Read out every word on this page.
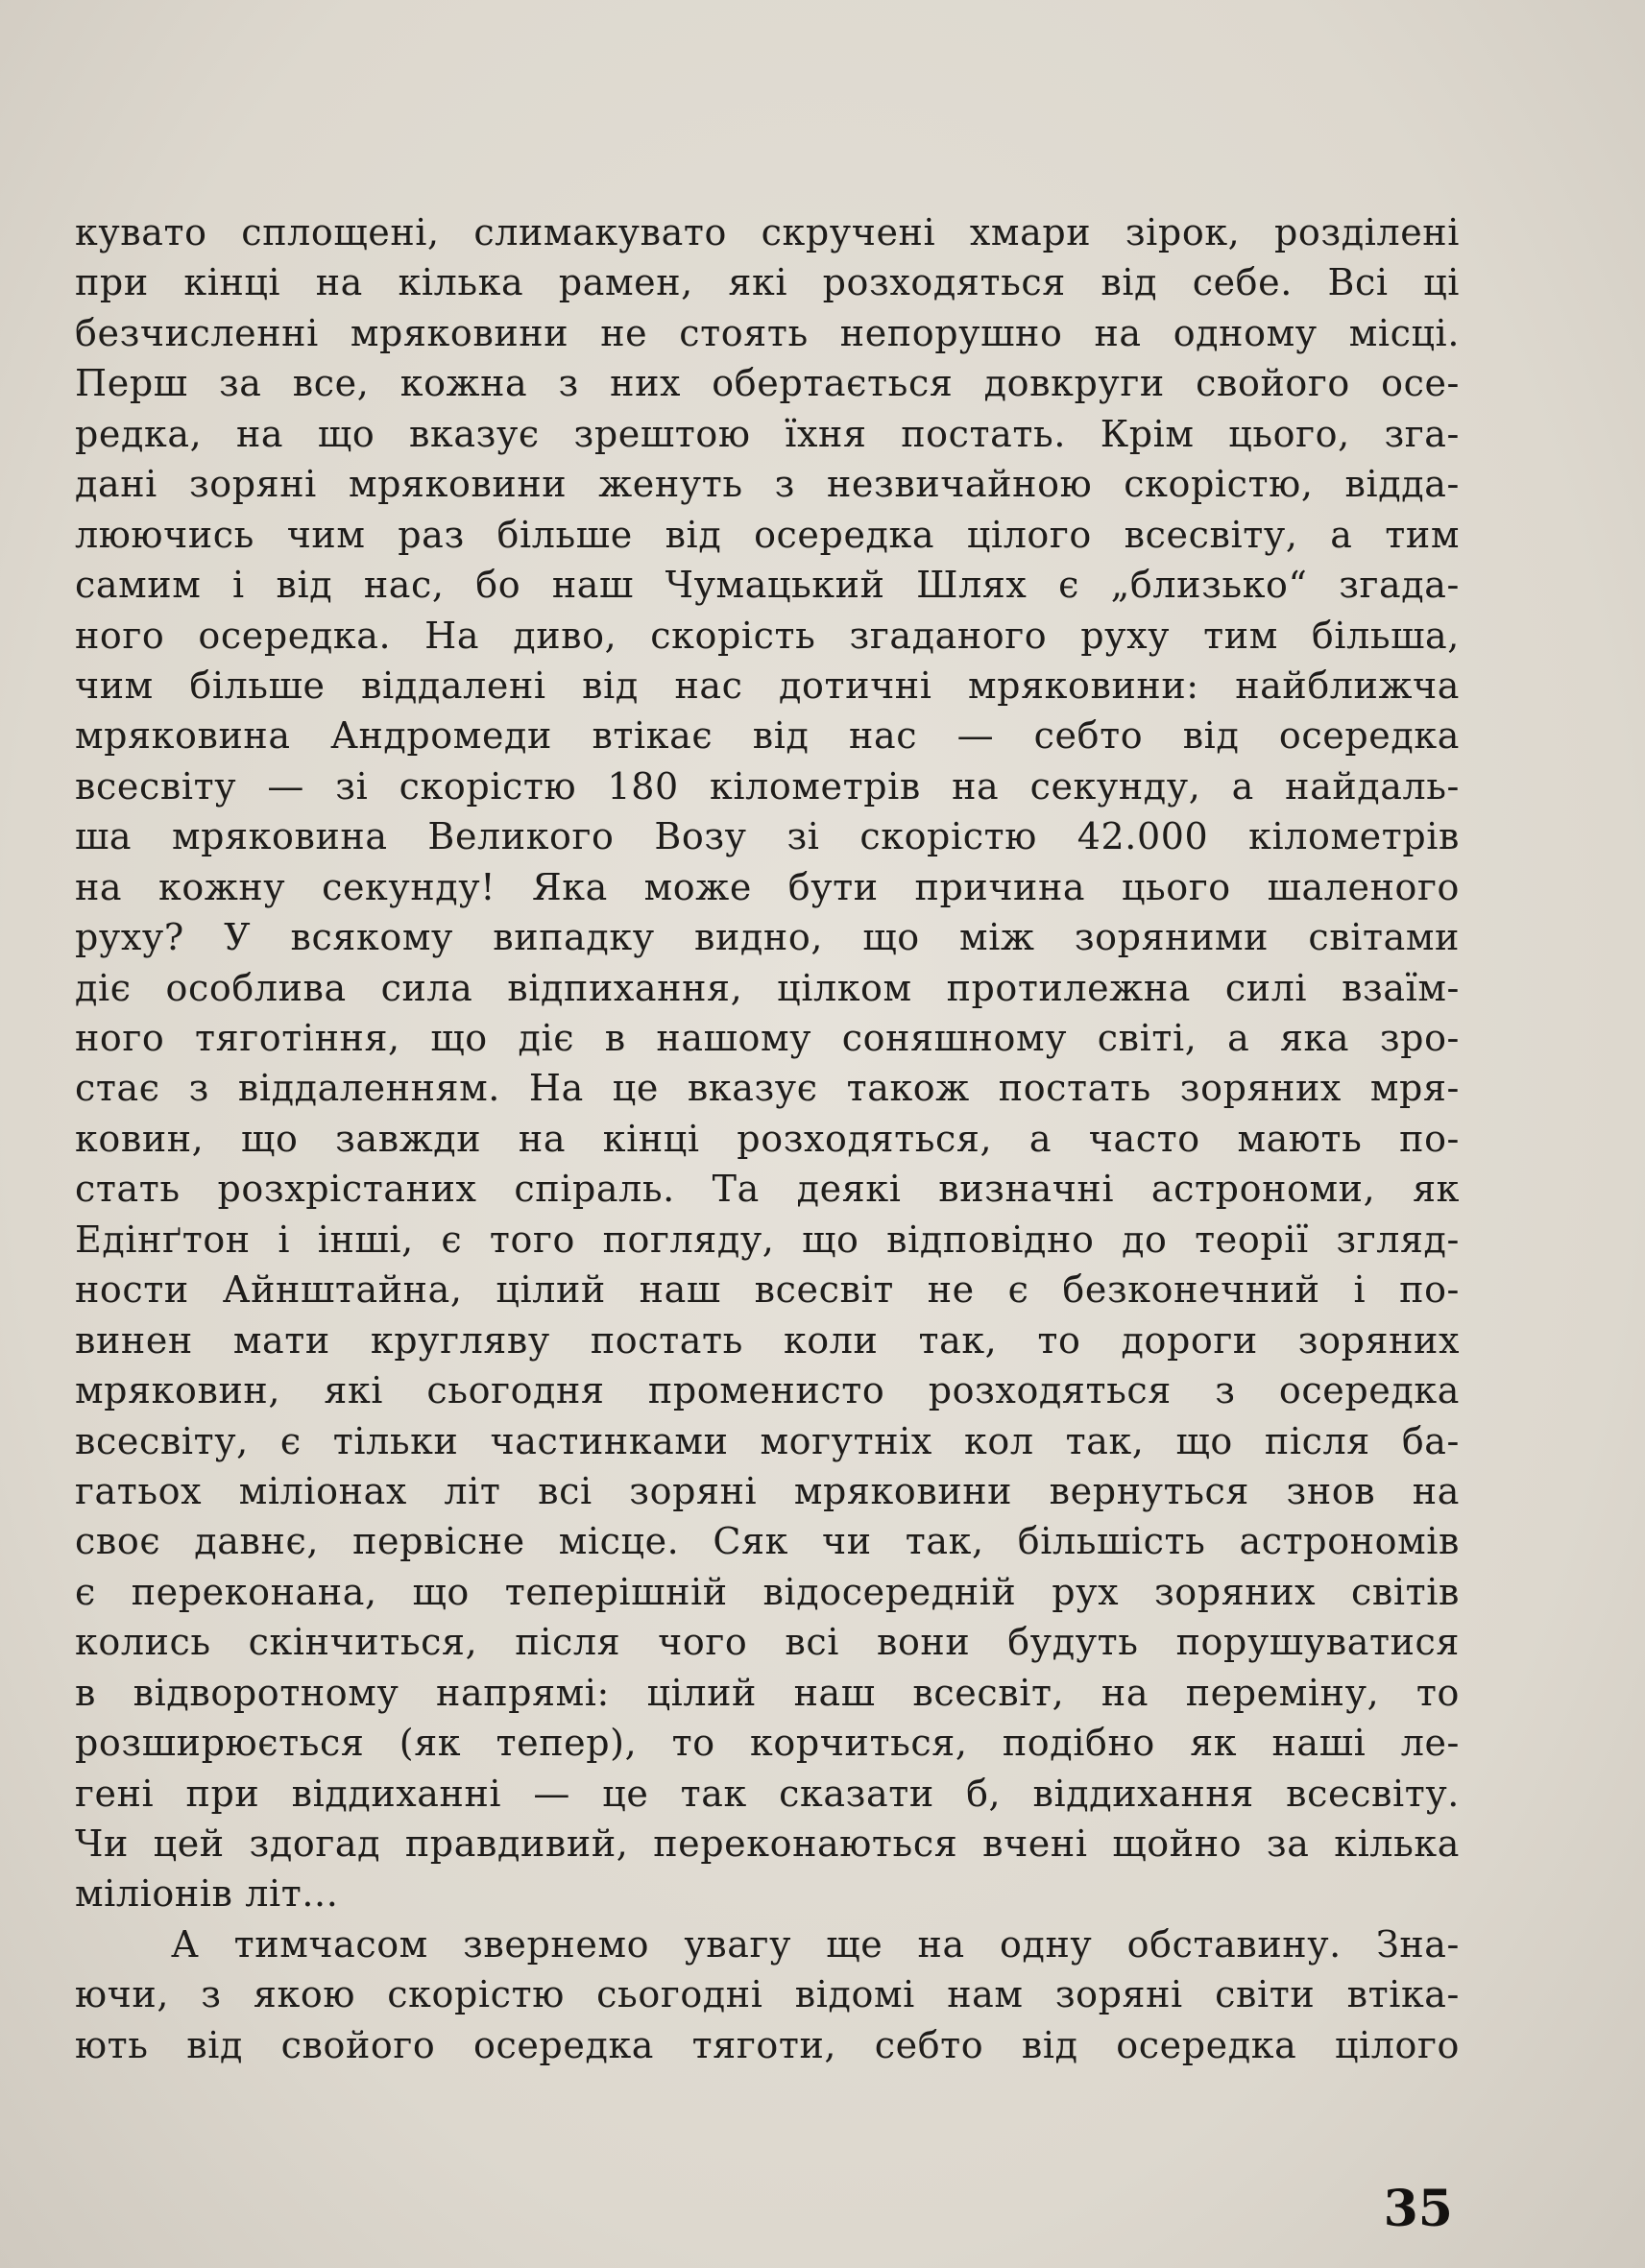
кувато сплощені, слимакувато скручені хмари зірок, розділені
при кінці на кілька рамен, які розходяться від себе. Всі ці
безчисленні мряковини не стоять непорушно на одному місці.
Перш за все, кожна з них обертається довкруги свойого осе-
редка, на що вказує зрештою їхня постать. Крім цього, зга-
дані зоряні мряковини женуть з незвичайною скорістю, відда-
люючись чим раз більше від осередка цілого всесвіту, а тим
самим і від нас, бо наш Чумацький Шлях є „близько“ згада-
ного осередка. На диво, скорість згаданого руху тим більша,
чим більше віддалені від нас дотичні мряковини: найближча
мряковина Андромеди втікає від нас — себто від осередка
всесвіту — зі скорістю 180 кілометрів на секунду, а найдаль-
ша мряковина Великого Возу зі скорістю 42.000 кілометрів
на кожну секунду! Яка може бути причина цього шаленого
руху? У всякому випадку видно, що між зоряними світами
діє особлива сила відпихання, цілком протилежна силі взаїм-
ного тяготіння, що діє в нашому соняшному світі, а яка зро-
стає з віддаленням. На це вказує також постать зоряних мря-
ковин, що завжди на кінці розходяться, а часто мають по-
стать розхрістаних спіраль. Та деякі визначні астрономи, як
Едінґтон і інші, є того погляду, що відповідно до теорії згляд-
ности Айнштайна, цілий наш всесвіт не є безконечний і по-
винен мати кругляву постать коли так, то дороги зоряних
мряковин, які сьогодня променисто розходяться з осередка
всесвіту, є тільки частинками могутніх кол так, що після ба-
гатьох міліонах літ всі зоряні мряковини вернуться знов на
своє давнє, первісне місце. Сяк чи так, більшість астрономів
є переконана, що теперішній відосередній рух зоряних світів
колись скінчиться, після чого всі вони будуть порушуватися
в відворотному напрямі: цілий наш всесвіт, на переміну, то
розширюється (як тепер), то корчиться, подібно як наші ле-
гені при віддиханні — це так сказати б, віддихання всесвіту.
Чи цей здогад правдивий, переконаються вчені щойно за кілька
міліонів літ...
А тимчасом звернемо увагу ще на одну обставину. Зна-
ючи, з якою скорістю сьогодні відомі нам зоряні світи втіка-
ють від свойого осередка тяготи, себто від осередка цілого
35
